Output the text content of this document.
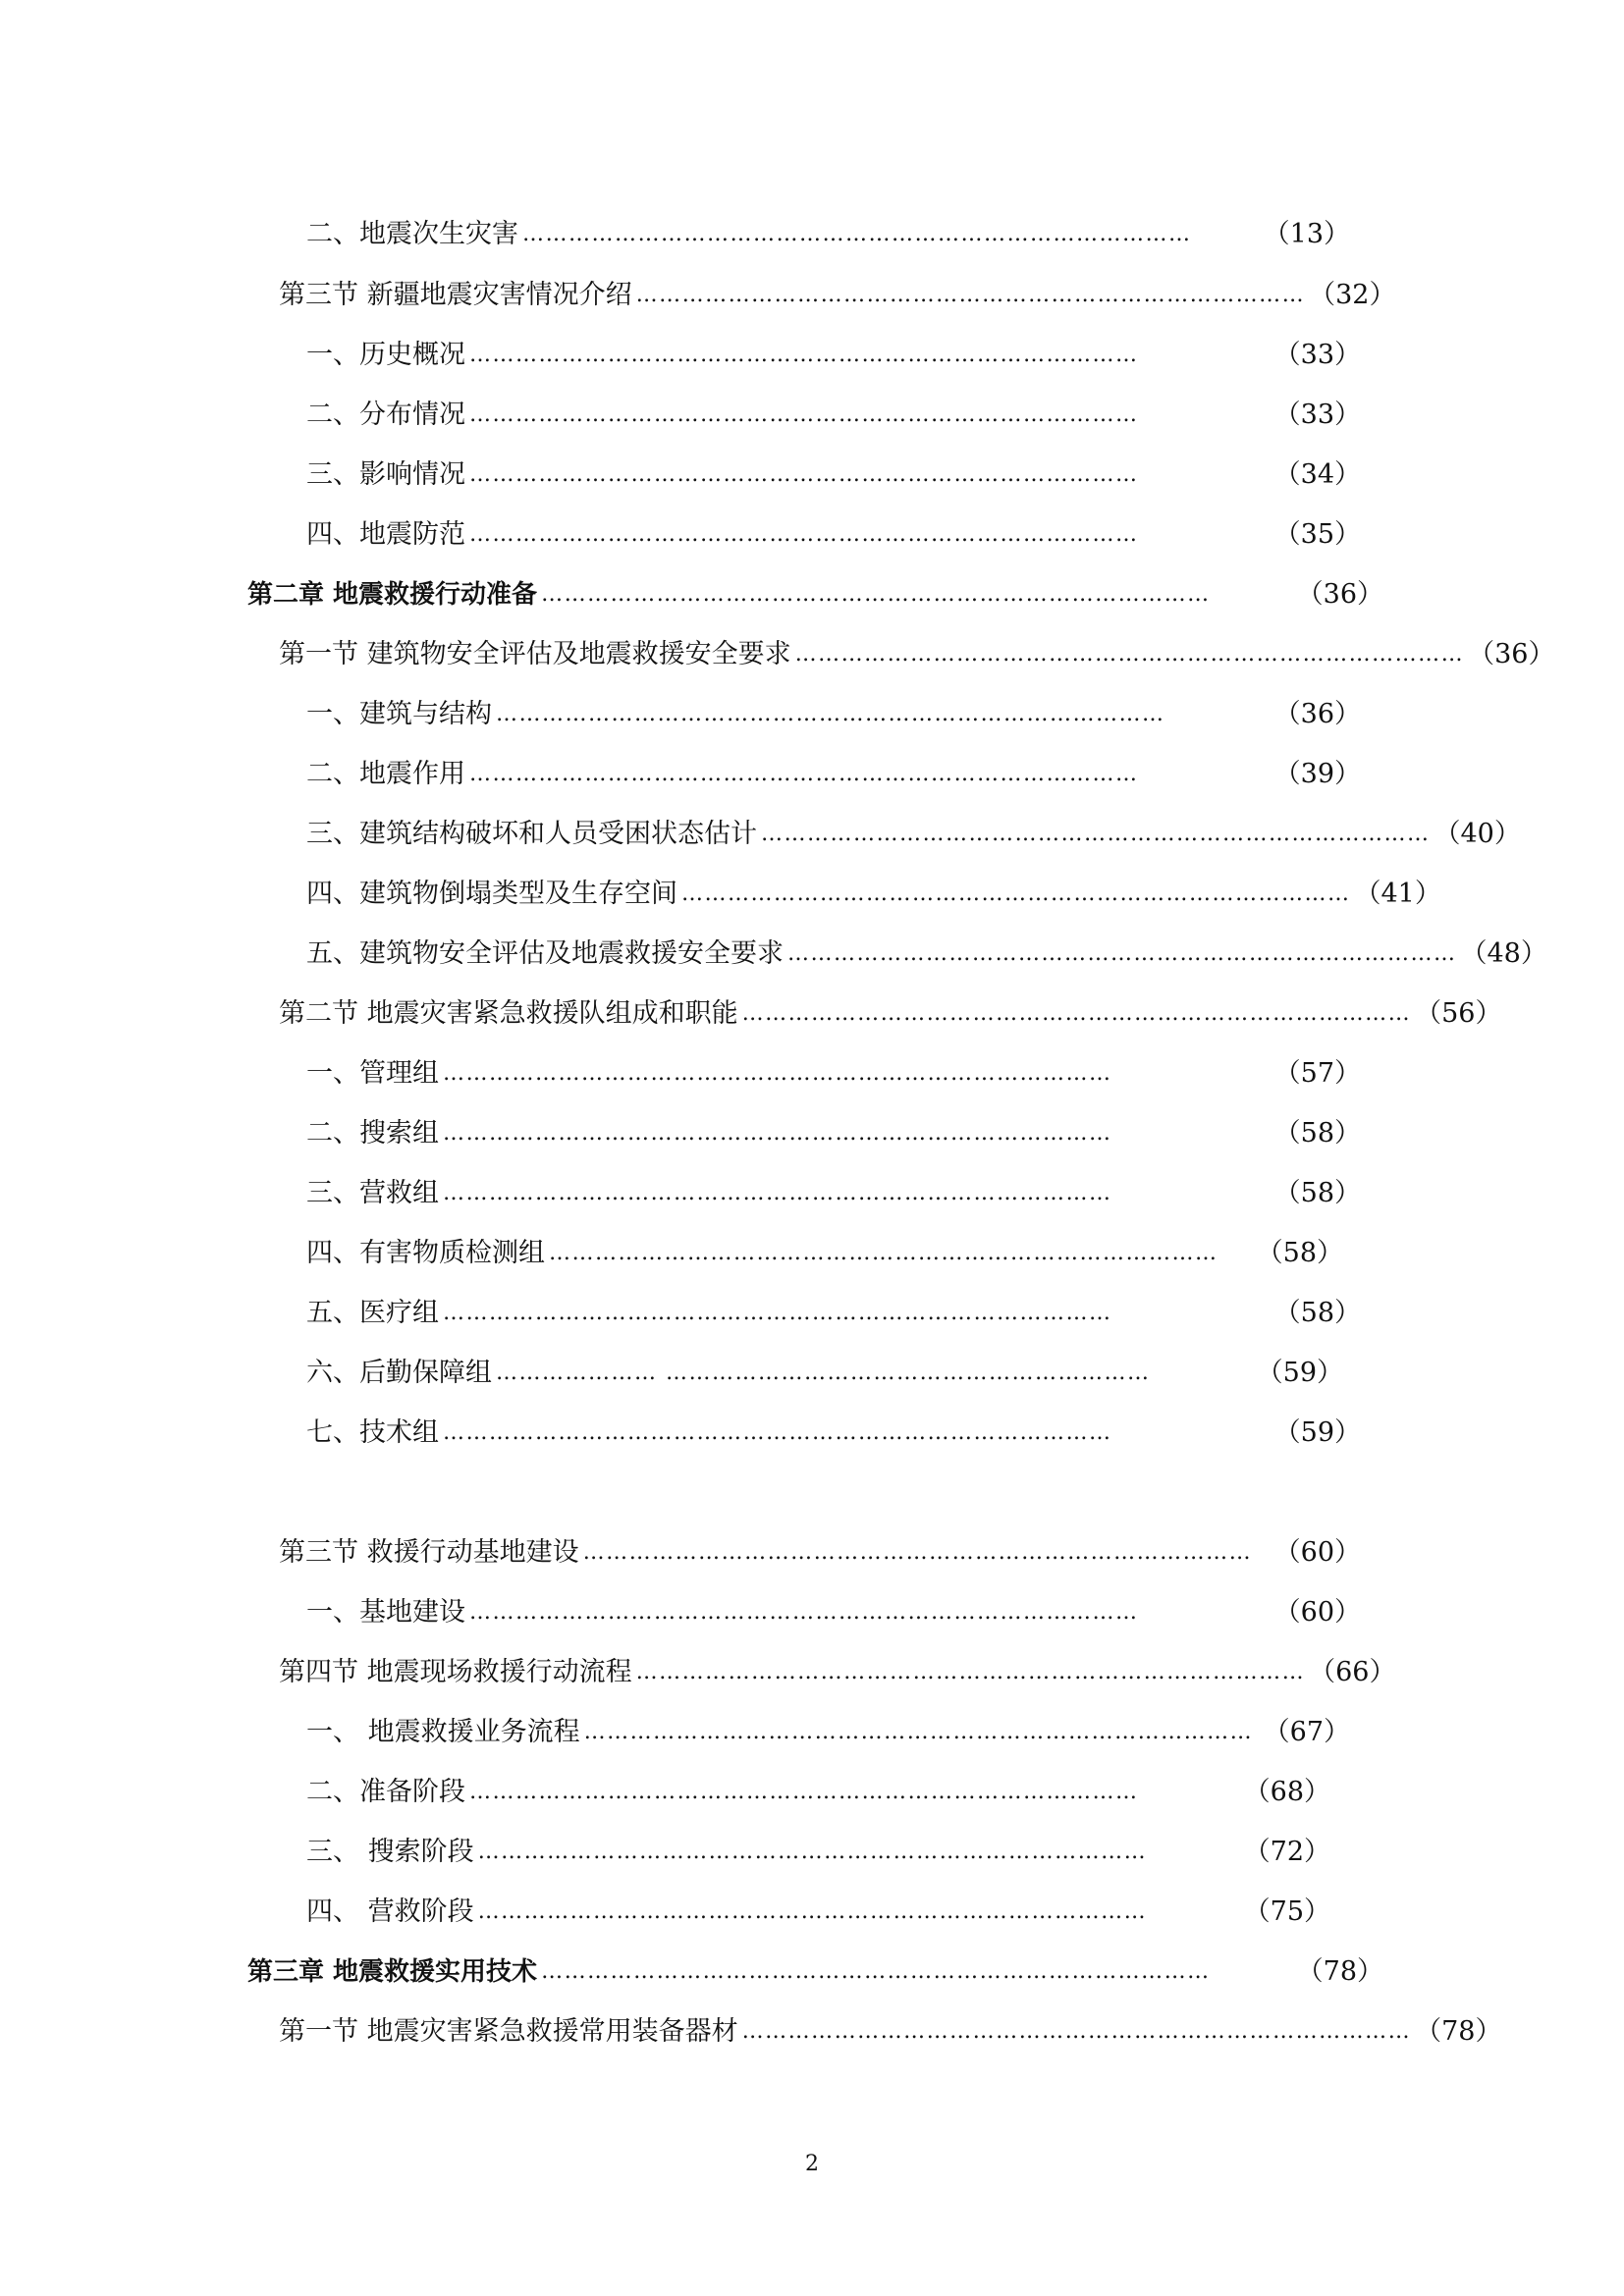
二、地震次生灾害 ……………………………………………………………………………	（13）
第三节 新疆地震灾害情况介绍 …………………………………………………………………………… （32）
一、历史概况 ……………………………………………………………………………	（33）
二、分布情况 ……………………………………………………………………………	（33）
三、影响情况 ……………………………………………………………………………	（34）
四、地震防范 ……………………………………………………………………………	（35）
第二章 地震救援行动准备 ……………………………………………………………………………	（36）
第一节 建筑物安全评估及地震救援安全要求 …………………………………………………………………………… （36）
一、建筑与结构 ……………………………………………………………………………	（36）
二、地震作用 ……………………………………………………………………………	（39）
三、建筑结构破坏和人员受困状态估计 …………………………………………………………………………… （40）
四、建筑物倒塌类型及生存空间 …………………………………………………………………………… （41）
五、建筑物安全评估及地震救援安全要求 …………………………………………………………………………… （48）
第二节 地震灾害紧急救援队组成和职能 …………………………………………………………………………… （56）
一、管理组 ……………………………………………………………………………	（57）
二、搜索组 ……………………………………………………………………………	（58）
三、营救组 ……………………………………………………………………………	（58）
四、有害物质检测组 ……………………………………………………………………………	（58）
五、医疗组 ……………………………………………………………………………	（58）
六、后勤保障组 ………………… ………………………………………………………	（59）
七、技术组 ……………………………………………………………………………	（59）
第三节 救援行动基地建设 …………………………………………………………………………… （60）
一、基地建设 ……………………………………………………………………………	（60）
第四节 地震现场救援行动流程 …………………………………………………………………………… （66）
一、 地震救援业务流程 …………………………………………………………………………… （67）
二、准备阶段 ……………………………………………………………………………	（68）
三、 搜索阶段 ……………………………………………………………………………	（72）
四、 营救阶段 ……………………………………………………………………………	（75）
第三章 地震救援实用技术 ……………………………………………………………………………	（78）
第一节 地震灾害紧急救援常用装备器材 …………………………………………………………………………… （78）
2
